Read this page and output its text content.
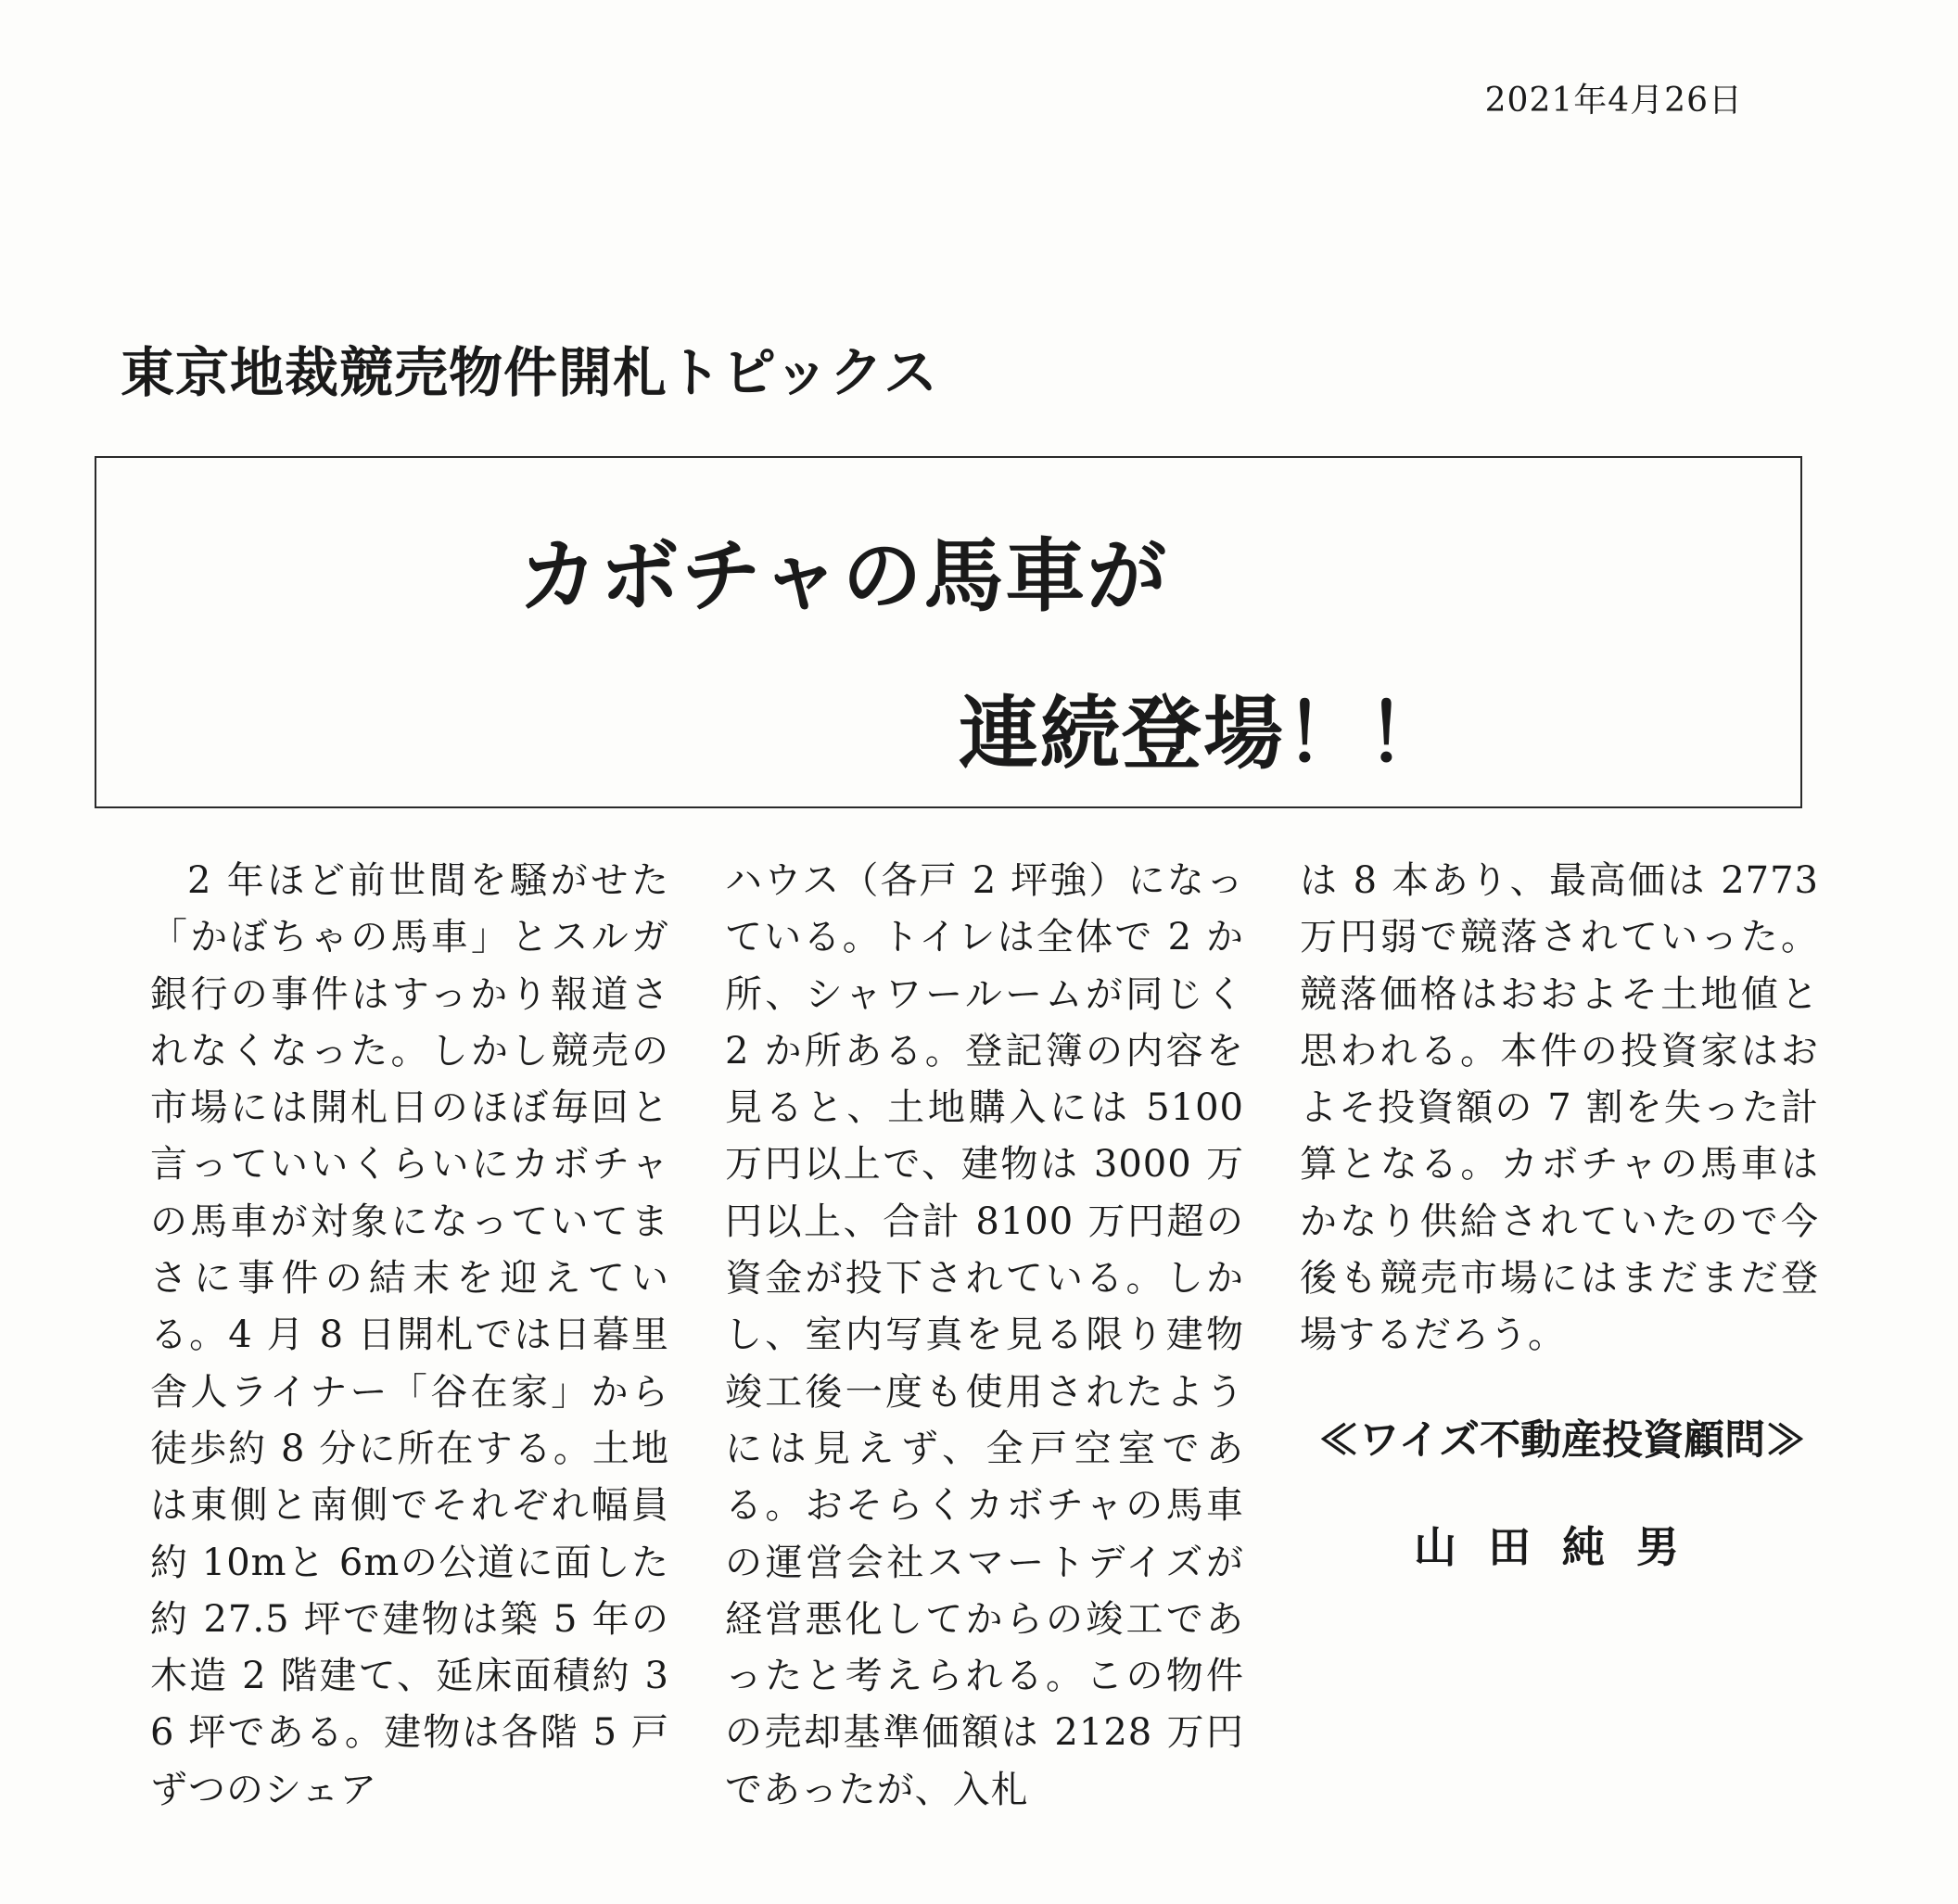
2021年4月26日
東京地裁競売物件開札トピックス
カボチャの馬車が
連続登場！！

2 年ほど前世間を騒がせた「かぼちゃの馬車」とスルガ銀行の事件はすっかり報道されなくなった。しかし競売の市場には開札日のほぼ毎回と言っていいくらいにカボチャの馬車が対象になっていてまさに事件の結末を迎えている。4 月 8 日開札では日暮里舎人ライナー「谷在家」から徒歩約 8 分に所在する。土地は東側と南側でそれぞれ幅員約 10mと 6mの公道に面した約 27.5 坪で建物は築 5 年の木造 2 階建て、延床面積約 36 坪である。建物は各階 5 戸ずつのシェア

ハウス（各戸 2 坪強）になっている。トイレは全体で 2 か所、シャワールームが同じく 2 か所ある。登記簿の内容を見ると、土地購入には 5100 万円以上で、建物は 3000 万円以上、合計 8100 万円超の資金が投下されている。しかし、室内写真を見る限り建物竣工後一度も使用されたようには見えず、全戸空室である。おそらくカボチャの馬車の運営会社スマートデイズが経営悪化してからの竣工であったと考えられる。この物件の売却基準価額は 2128 万円であったが、入札

は 8 本あり、最高価は 2773 万円弱で競落されていった。競落価格はおおよそ土地値と思われる。本件の投資家はおよそ投資額の 7 割を失った計算となる。カボチャの馬車はかなり供給されていたので今後も競売市場にはまだまだ登場するだろう。

≪ワイズ不動産投資顧問≫
山田純男
